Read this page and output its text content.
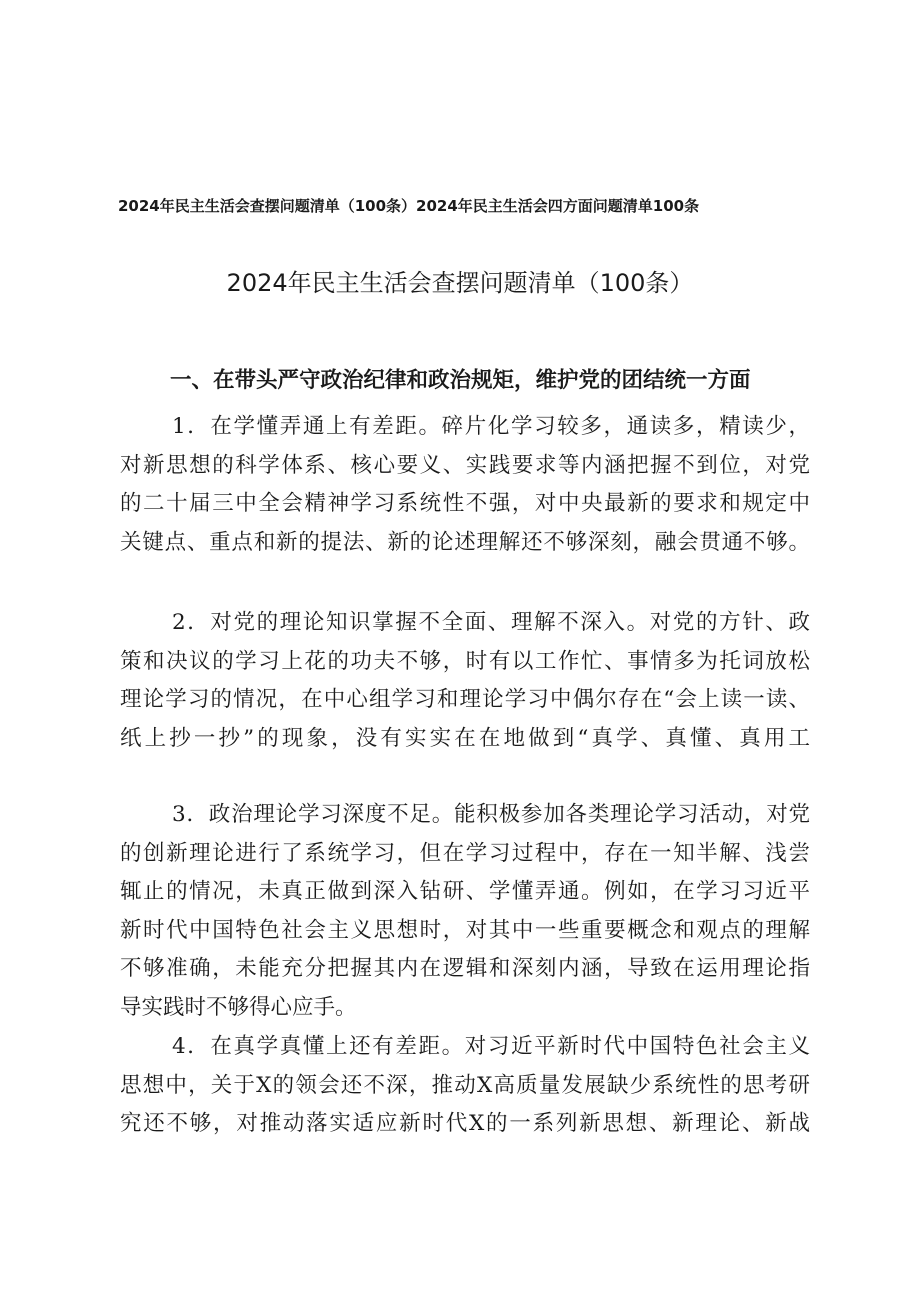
2024年民主生活会查摆问题清单（100条）2024年民主生活会四方面问题清单100条
2024年民主生活会查摆问题清单（100条）
一、在带头严守政治纪律和政治规矩，维护党的团结统一方面
1．在学懂弄通上有差距。碎片化学习较多，通读多，精读少，
对新思想的科学体系、核心要义、实践要求等内涵把握不到位，对党
的二十届三中全会精神学习系统性不强，对中央最新的要求和规定中
关键点、重点和新的提法、新的论述理解还不够深刻，融会贯通不够。
2．对党的理论知识掌握不全面、理解不深入。对党的方针、政
策和决议的学习上花的功夫不够，时有以工作忙、事情多为托词放松
理论学习的情况，在中心组学习和理论学习中偶尔存在“会上读一读、
纸上抄一抄”的现象，没有实实在在地做到“真学、真懂、真用工
3．政治理论学习深度不足。能积极参加各类理论学习活动，对党
的创新理论进行了系统学习，但在学习过程中，存在一知半解、浅尝
辄止的情况，未真正做到深入钻研、学懂弄通。例如，在学习习近平
新时代中国特色社会主义思想时，对其中一些重要概念和观点的理解
不够准确，未能充分把握其内在逻辑和深刻内涵，导致在运用理论指
导实践时不够得心应手。
4．在真学真懂上还有差距。对习近平新时代中国特色社会主义
思想中，关于X的领会还不深，推动X高质量发展缺少系统性的思考研
究还不够，对推动落实适应新时代X的一系列新思想、新理论、新战
